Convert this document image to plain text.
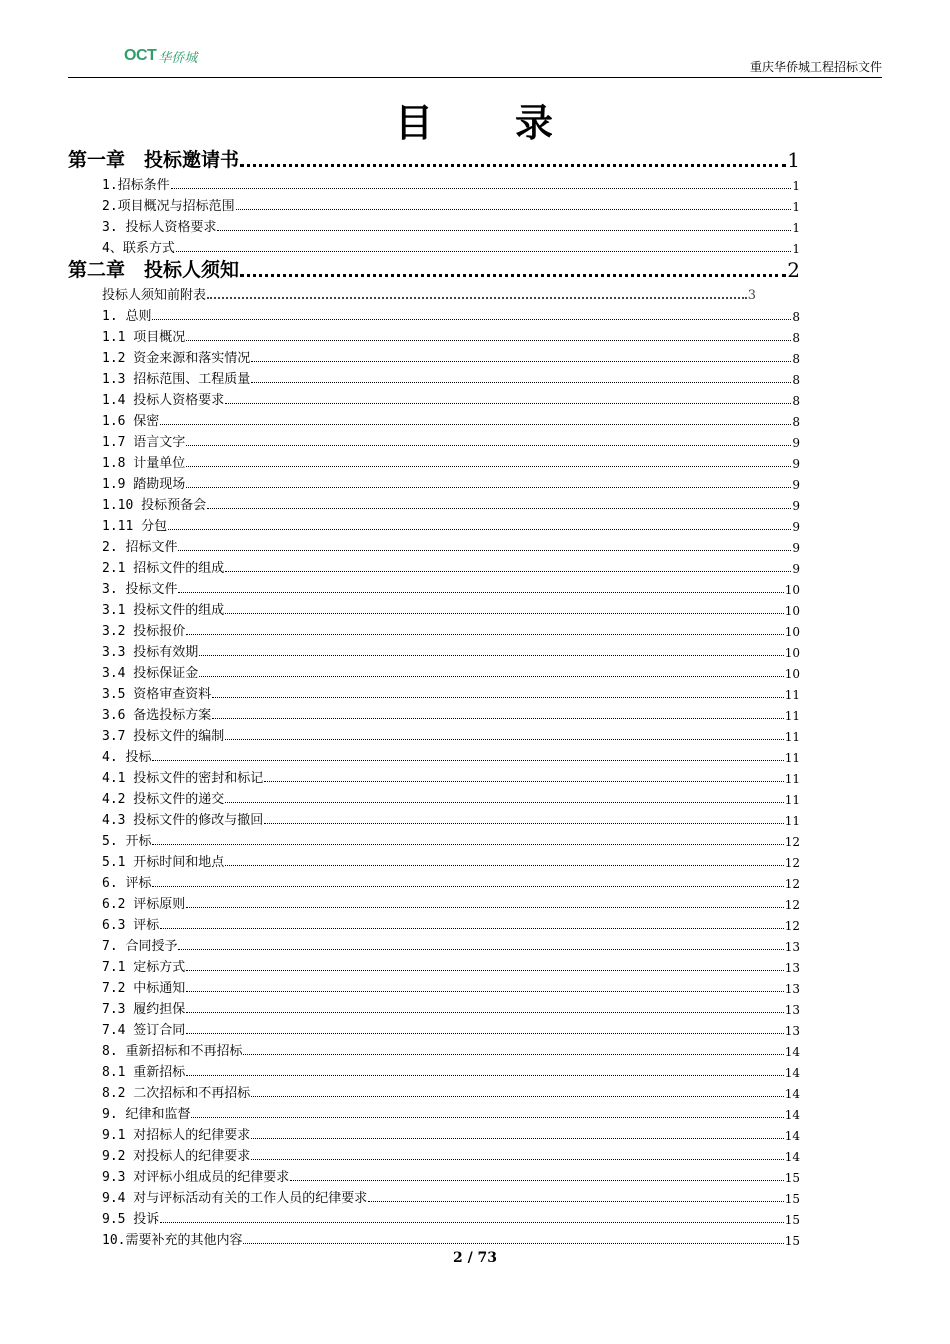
OCT 华侨城
重庆华侨城工程招标文件
目　　录
第一章　投标邀请书	1
1.招标条件	1
2.项目概况与招标范围	1
3. 投标人资格要求	1
4、联系方式	1
第二章　投标人须知	2
投标人须知前附表	3
1. 总则	8
1.1 项目概况	8
1.2 资金来源和落实情况	8
1.3 招标范围、工程质量	8
1.4 投标人资格要求	8
1.6 保密	8
1.7 语言文字	9
1.8 计量单位	9
1.9 踏勘现场	9
1.10 投标预备会	9
1.11 分包	9
2. 招标文件	9
2.1 招标文件的组成	9
3. 投标文件	10
3.1 投标文件的组成	10
3.2 投标报价	10
3.3 投标有效期	10
3.4 投标保证金	10
3.5 资格审查资料	11
3.6 备选投标方案	11
3.7 投标文件的编制	11
4. 投标	11
4.1 投标文件的密封和标记	11
4.2 投标文件的递交	11
4.3 投标文件的修改与撤回	11
5. 开标	12
5.1 开标时间和地点	12
6. 评标	12
6.2 评标原则	12
6.3 评标	12
7. 合同授予	13
7.1 定标方式	13
7.2 中标通知	13
7.3 履约担保	13
7.4 签订合同	13
8. 重新招标和不再招标	14
8.1 重新招标	14
8.2 二次招标和不再招标	14
9. 纪律和监督	14
9.1 对招标人的纪律要求	14
9.2 对投标人的纪律要求	14
9.3 对评标小组成员的纪律要求	15
9.4 对与评标活动有关的工作人员的纪律要求	15
9.5 投诉	15
10.需要补充的其他内容	15
2 / 73
